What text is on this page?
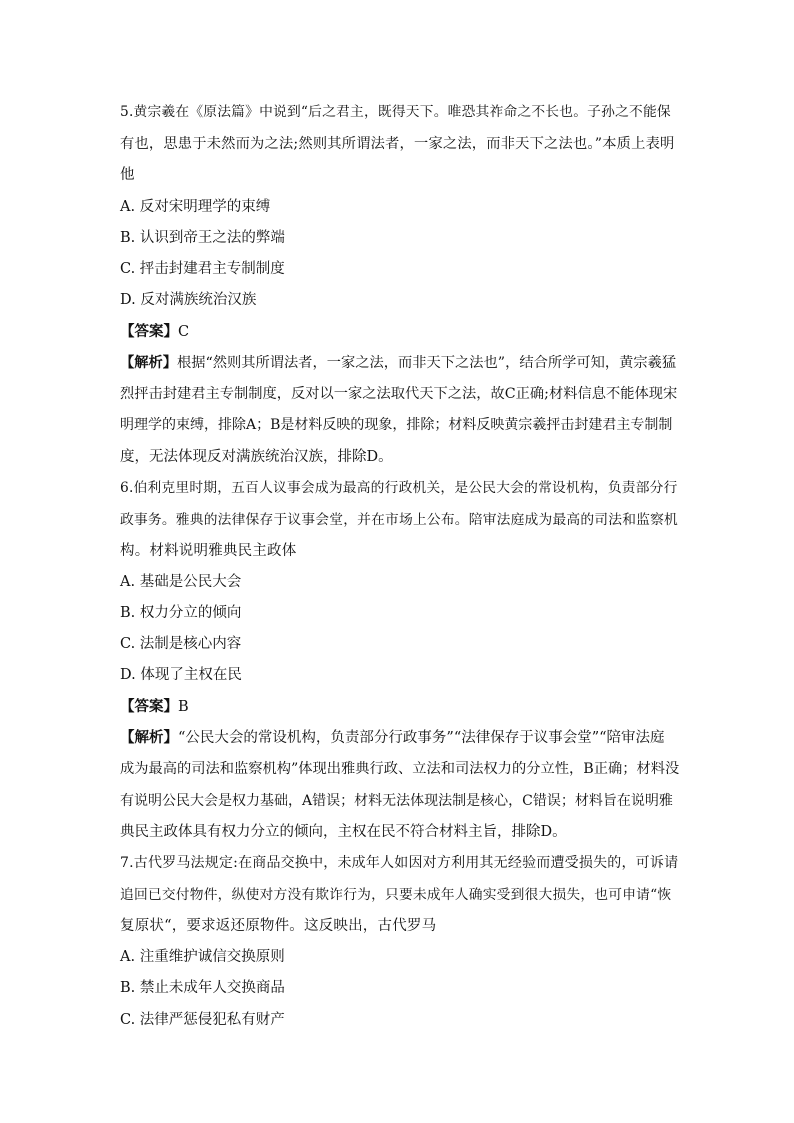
5.黄宗羲在《原法篇》中说到“后之君主，既得天下。唯恐其祚命之不长也。子孙之不能保
有也，思患于未然而为之法;然则其所谓法者，一家之法，而非天下之法也。”本质上表明
他
A. 反对宋明理学的束缚
B. 认识到帝王之法的弊端
C. 抨击封建君主专制制度
D. 反对满族统治汉族
【答案】C
【解析】根据“然则其所谓法者，一家之法，而非天下之法也”，结合所学可知，黄宗羲猛
烈抨击封建君主专制制度，反对以一家之法取代天下之法，故C正确;材料信息不能体现宋
明理学的束缚，排除A；B是材料反映的现象，排除；材料反映黄宗羲抨击封建君主专制制
度，无法体现反对满族统治汉族，排除D。
6.伯利克里时期，五百人议事会成为最高的行政机关，是公民大会的常设机构，负责部分行
政事务。雅典的法律保存于议事会堂，并在市场上公布。陪审法庭成为最高的司法和监察机
构。材料说明雅典民主政体
A. 基础是公民大会
B. 权力分立的倾向
C. 法制是核心内容
D. 体现了主权在民
【答案】B
【解析】“公民大会的常设机构，负责部分行政事务”“法律保存于议事会堂”“陪审法庭
成为最高的司法和监察机构”体现出雅典行政、立法和司法权力的分立性，B正确；材料没
有说明公民大会是权力基础，A错误；材料无法体现法制是核心，C错误；材料旨在说明雅
典民主政体具有权力分立的倾向，主权在民不符合材料主旨，排除D。
7.古代罗马法规定:在商品交换中，未成年人如因对方利用其无经验而遭受损失的，可诉请
追回已交付物件，纵使对方没有欺诈行为，只要未成年人确实受到很大损失，也可申请“恢
复原状“，要求返还原物件。这反映出，古代罗马
A. 注重维护诚信交换原则
B. 禁止未成年人交换商品
C. 法律严惩侵犯私有财产
